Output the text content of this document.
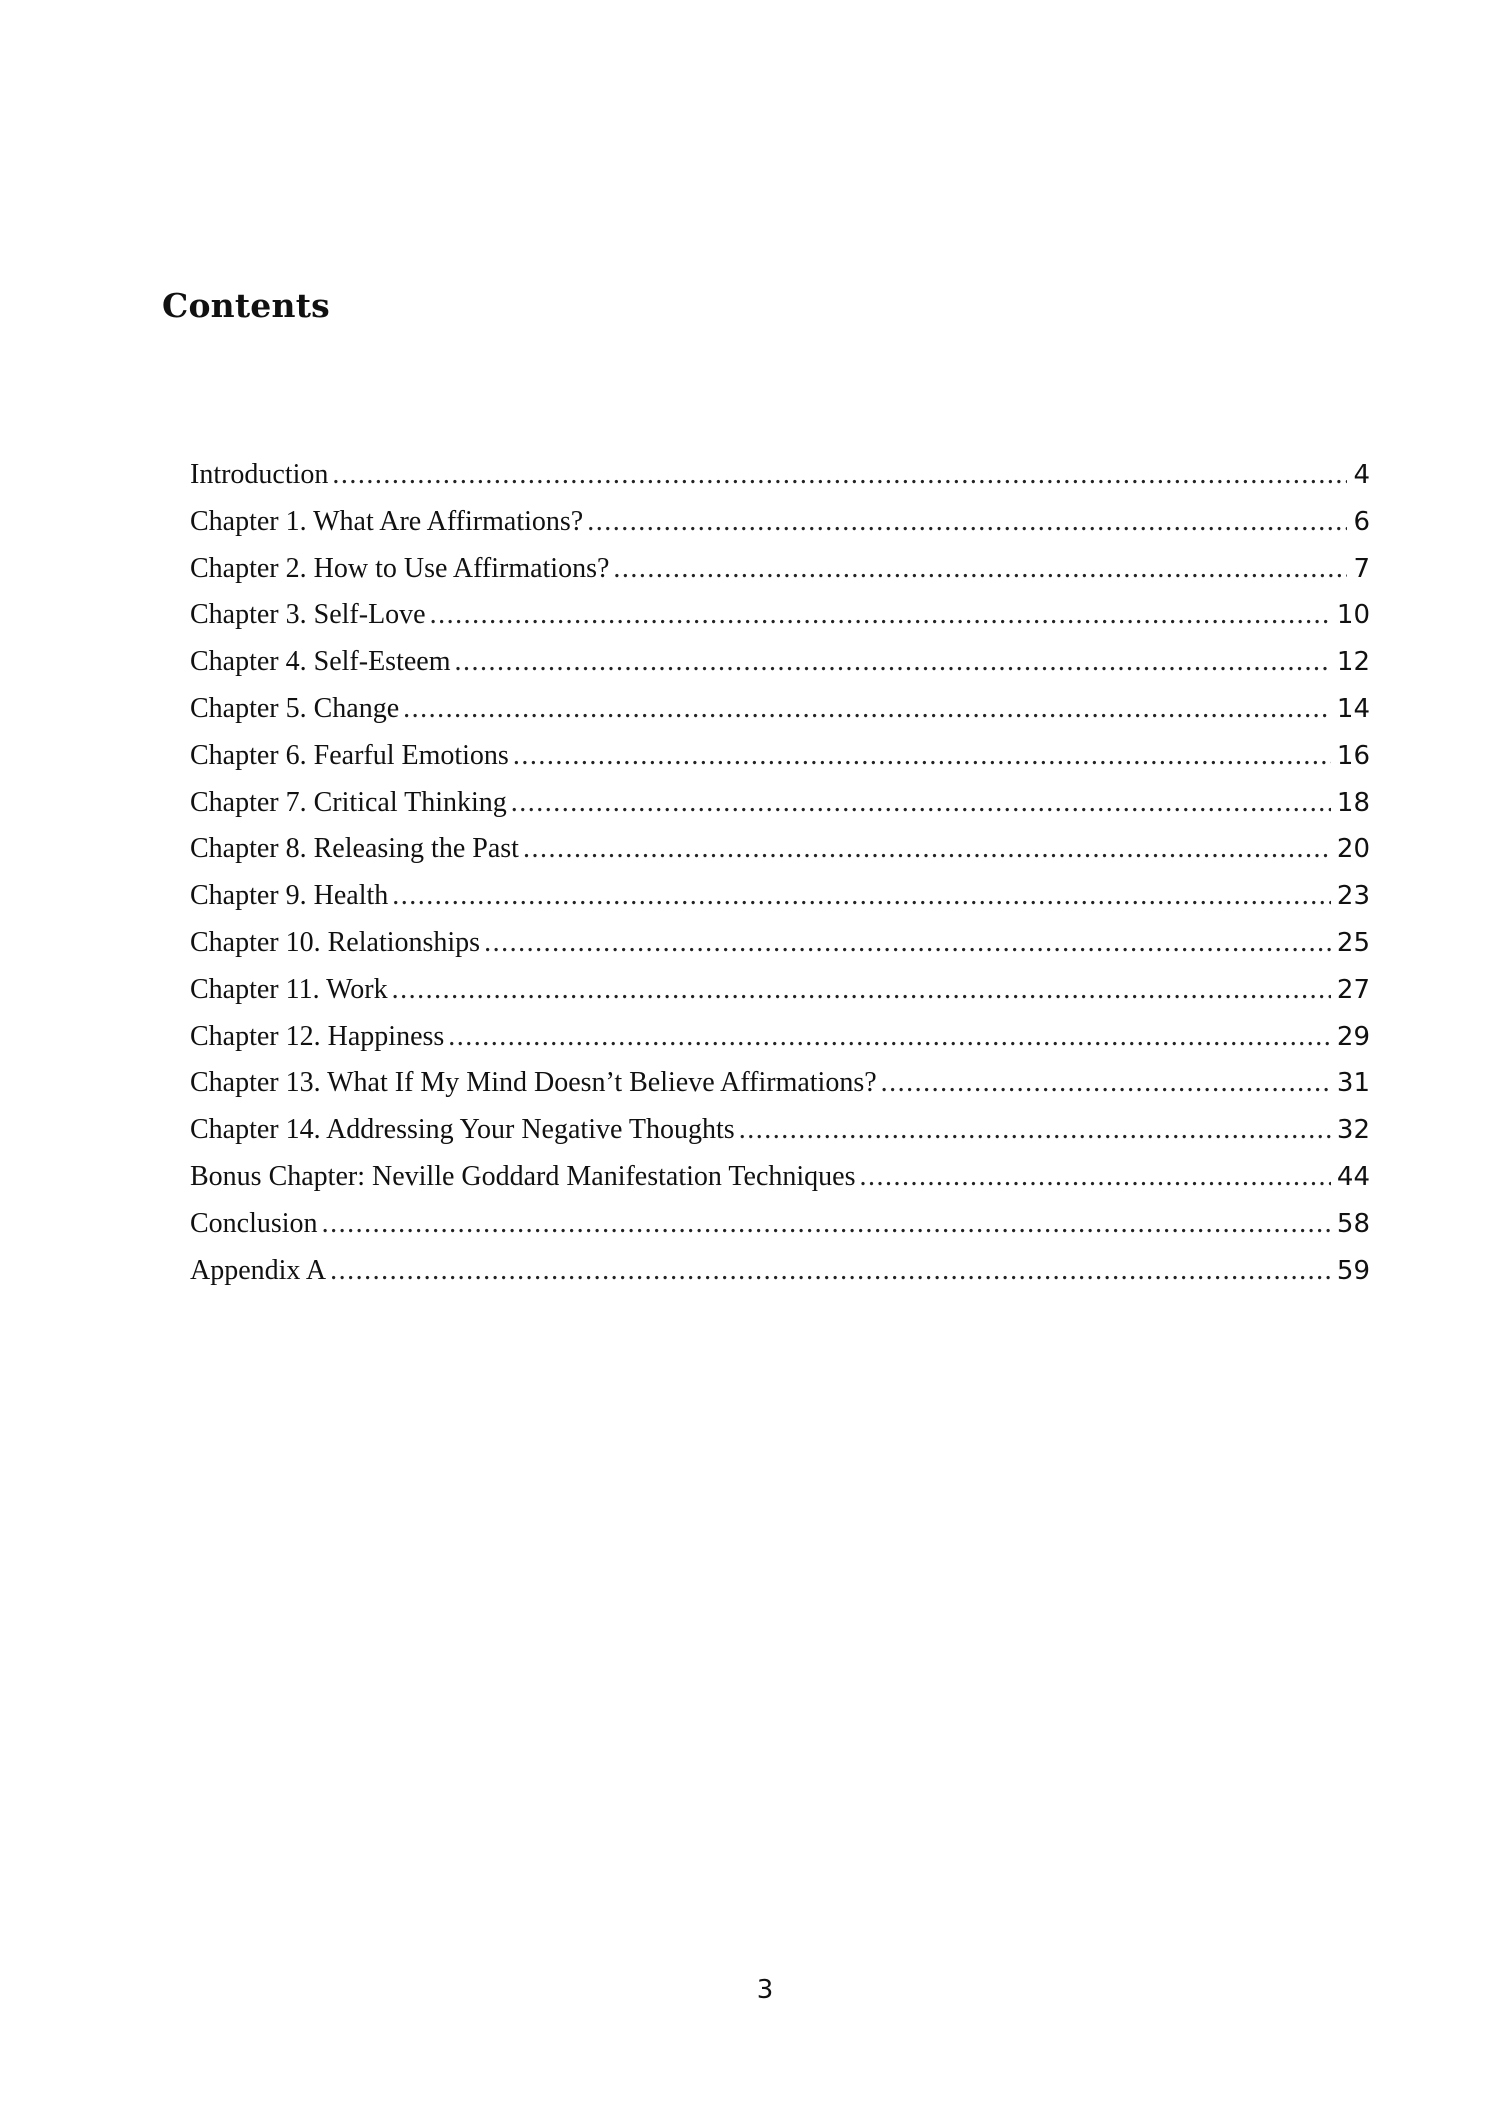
Contents
Introduction .....	4
Chapter 1. What Are Affirmations? .....	6
Chapter 2. How to Use Affirmations? .....	7
Chapter 3. Self-Love .....	10
Chapter 4. Self-Esteem .....	12
Chapter 5. Change .....	14
Chapter 6. Fearful Emotions .....	16
Chapter 7. Critical Thinking .....	18
Chapter 8. Releasing the Past .....	20
Chapter 9. Health .....	23
Chapter 10. Relationships .....	25
Chapter 11. Work .....	27
Chapter 12. Happiness .....	29
Chapter 13. What If My Mind Doesn’t Believe Affirmations? .....	31
Chapter 14. Addressing Your Negative Thoughts .....	32
Bonus Chapter: Neville Goddard Manifestation Techniques .....	44
Conclusion .....	58
Appendix A .....	59
3
